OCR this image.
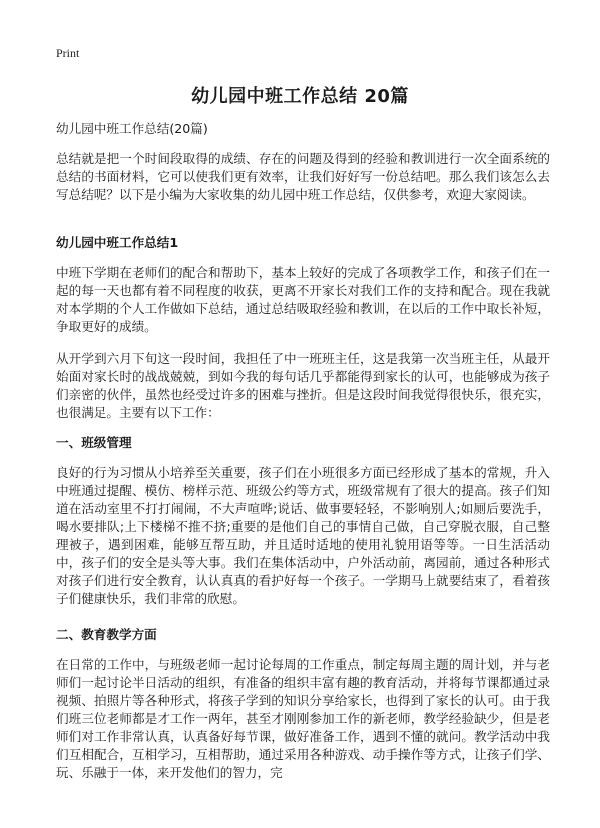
Print
幼儿园中班工作总结 20篇

幼儿园中班工作总结(20篇)

总结就是把一个时间段取得的成绩、存在的问题及得到的经验和教训进行一次全面系统的总结的书面材料，它可以使我们更有效率，让我们好好写一份总结吧。那么我们该怎么去写总结呢？以下是小编为大家收集的幼儿园中班工作总结，仅供参考，欢迎大家阅读。

幼儿园中班工作总结1

中班下学期在老师们的配合和帮助下，基本上较好的完成了各项教学工作，和孩子们在一起的每一天也都有着不同程度的收获，更离不开家长对我们工作的支持和配合。现在我就对本学期的个人工作做如下总结，通过总结吸取经验和教训，在以后的工作中取长补短，争取更好的成绩。

从开学到六月下旬这一段时间，我担任了中一班班主任，这是我第一次当班主任，从最开始面对家长时的战战兢兢，到如今我的每句话几乎都能得到家长的认可，也能够成为孩子们亲密的伙伴，虽然也经受过许多的困难与挫折。但是这段时间我觉得很快乐，很充实，也很满足。主要有以下工作：

一、班级管理

良好的行为习惯从小培养至关重要，孩子们在小班很多方面已经形成了基本的常规，升入中班通过提醒、模仿、榜样示范、班级公约等方式，班级常规有了很大的提高。孩子们知道在活动室里不打打闹闹，不大声喧哗;说话、做事要轻轻，不影响别人;如厕后要洗手，喝水要排队;上下楼梯不推不挤;重要的是他们自己的事情自己做，自己穿脱衣服，自己整理被子，遇到困难，能够互帮互助，并且适时适地的使用礼貌用语等等。一日生活活动中，孩子们的安全是头等大事。我们在集体活动中，户外活动前，离园前，通过各种形式对孩子们进行安全教育，认认真真的看护好每一个孩子。一学期马上就要结束了，看着孩子们健康快乐，我们非常的欣慰。

二、教育教学方面

在日常的工作中，与班级老师一起讨论每周的工作重点，制定每周主题的周计划，并与老师们一起讨论半日活动的组织，有准备的组织丰富有趣的教育活动，并将每节课都通过录视频、拍照片等各种形式，将孩子学到的知识分享给家长，也得到了家长的认可。由于我们班三位老师都是才工作一两年，甚至才刚刚参加工作的新老师，教学经验缺少，但是老师们对工作非常认真，认真备好每节课，做好准备工作，遇到不懂的就问。教学活动中我们互相配合，互相学习，互相帮助，通过采用各种游戏、动手操作等方式，让孩子们学、玩、乐融于一体，来开发他们的智力，完
